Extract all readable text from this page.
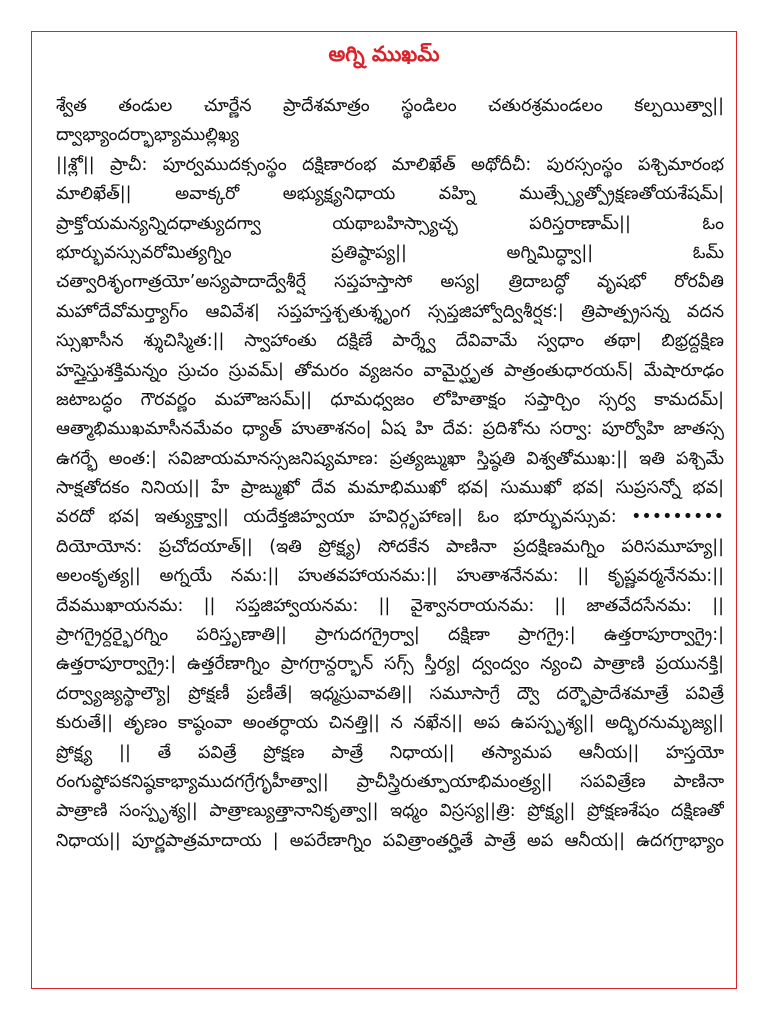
అగ్ని ముఖమ్
శ్వేత తండుల చూర్ణేన ప్రాదేశమాత్రం స్థండిలం చతురశ్రమండలం కల్పయిత్వా||
ద్వాభ్యాందర్భాభ్యాముల్లిఖ్య
||శ్లో|| ప్రాచీ: పూర్వముదక్సంస్థం దక్షిణారంభ మాలిఖేత్ అథోదీచీ: పురస్సంస్థం పశ్చిమారంభ
మాలిఖేత్|| అవాక్కరో అభ్యుక్ష్యనిధాయ వహ్ని ముత్స్చ్యేత్ప్రోక్షణతోయశేషమ్|
ప్రాక్తోయమన్యన్నిదధాత్యుదగ్వా యథాబహిస్స్యాచ్ఛ పరిస్తరాణామ్|| ఓం
భూర్భువస్సువరోమిత్యగ్నిం ప్రతిష్ఠాప్య|| అగ్నిమిద్ధ్వా|| ఓమ్
చత్వారిశృంగాత్రయో’అస్యపాదాద్వేశీర్షే సప్తహస్తాసో అస్య| త్రిదాబద్ధో వృషభో రోరవీతి
మహోదేవోమర్త్యాగ్ం ఆవివేశ| సప్తహస్తశ్చతుశ్శృంగ స్సప్తజిహ్వోద్విశీర్షక:| త్రిపాత్ప్రసన్న వదన
స్సుఖాసీన శ్శుచిస్మిత:|| స్వాహాంతు దక్షిణే పార్శ్వే దేవివామే స్వధాం తథా| బిభ్రద్దక్షిణ
హస్తైస్తుశక్తిమన్నం స్రుచం స్రువమ్| తోమరం వ్యజనం వామైర్ఘృత పాత్రంతుధారయన్| మేషారూఢం
జటాబద్ధం గౌరవర్ణం మహౌజసమ్|| ధూమధ్వజం లోహితాక్షం సప్తార్చిం స్సర్వ కామదమ్|
ఆత్మాభిముఖమాసీనమేవం ధ్యాత్ హుతాశనం| ఏష హి దేవ: ప్రదిశోను సర్వా: పూర్వోహి జాతస్స
ఉగర్భే అంత:| సవిజాయమానస్సజనిష్యమాణ: ప్రత్యఙ్ముఖా స్తిష్ఠతి విశ్వతోముఖ:|| ఇతి పశ్చిమే
సాక్షతోదకం నినియ|| హే ప్రాఙ్ముఖో దేవ మమాభిముఖో భవ| సుముఖో భవ| సుప్రసన్నో భవ|
వరదో భవ| ఇత్యుక్త్వా|| యదేక్తజిహ్వయా హవిర్గృహాణ|| ఓం భూర్భువస్సువ: •••••••••
దియోయోన: ప్రచోదయాత్|| (ఇతి ప్రోక్ష్య) సోదకేన పాణినా ప్రదక్షిణమగ్నిం పరిసమూహ్య||
అలంకృత్య|| అగ్నయే నమ:|| హుతవహాయనమ:|| హుతాశనేనమ: || కృష్ణవర్మనేనమ:||
దేవముఖాయనమ: || సప్తజిహ్వాయనమ: || వైశ్వానరాయనమ: || జాతవేదసేనమ: ||
ప్రాగగ్రైర్దర్భైరగ్నిం పరిస్తృణాతి|| ప్రాగుదగగ్రైర్వా| దక్షిణా ప్రాగగ్రై:| ఉత్తరాపూర్వాగ్రై:|
ఉత్తరాపూర్వాగ్రై:| ఉత్తరేణాగ్నిం ప్రాగగ్రాన్దర్భాన్ సగ్స్ స్తీర్య| ద్వంద్వం న్యంచి పాత్రాణి ప్రయునక్తి|
దర్వ్యాజ్యస్థాల్యౌ| ప్రోక్షణీ ప్రణీతే| ఇధ్మస్రువావతి|| సమూసాగ్రే ద్వౌ దర్భౌప్రాదేశమాత్రే పవిత్రే
కురుతే|| తృణం కాష్ఠంవా అంతర్ధాయ చినత్తి|| న నఖేన|| అప ఉపస్పృశ్య|| అద్భిరనుమృజ్య||
ప్రోక్ష్య || తే పవిత్రే ప్రోక్షణ పాత్రే నిధాయ|| తస్యామప ఆనీయ|| హస్తయో
రంగుష్ఠోపకనిష్ఠకాభ్యాముదగగ్రేగృహీత్వా|| ప్రాచీస్త్రిరుత్పూయాభిమంత్ర్య|| సపవిత్రేణ పాణినా
పాత్రాణి సంస్పృశ్య|| పాత్రాణ్యుత్తానానికృత్వా|| ఇధ్మం విస్రస్య||త్రి: ప్రోక్ష్య|| ప్రోక్షణశేషం దక్షిణతో
నిధాయ|| పూర్ణపాత్రమాదాయ | అపరేణాగ్నిం పవిత్రాంతర్హితే పాత్రే అప ఆనీయ|| ఉదగగ్రాభ్యాం
